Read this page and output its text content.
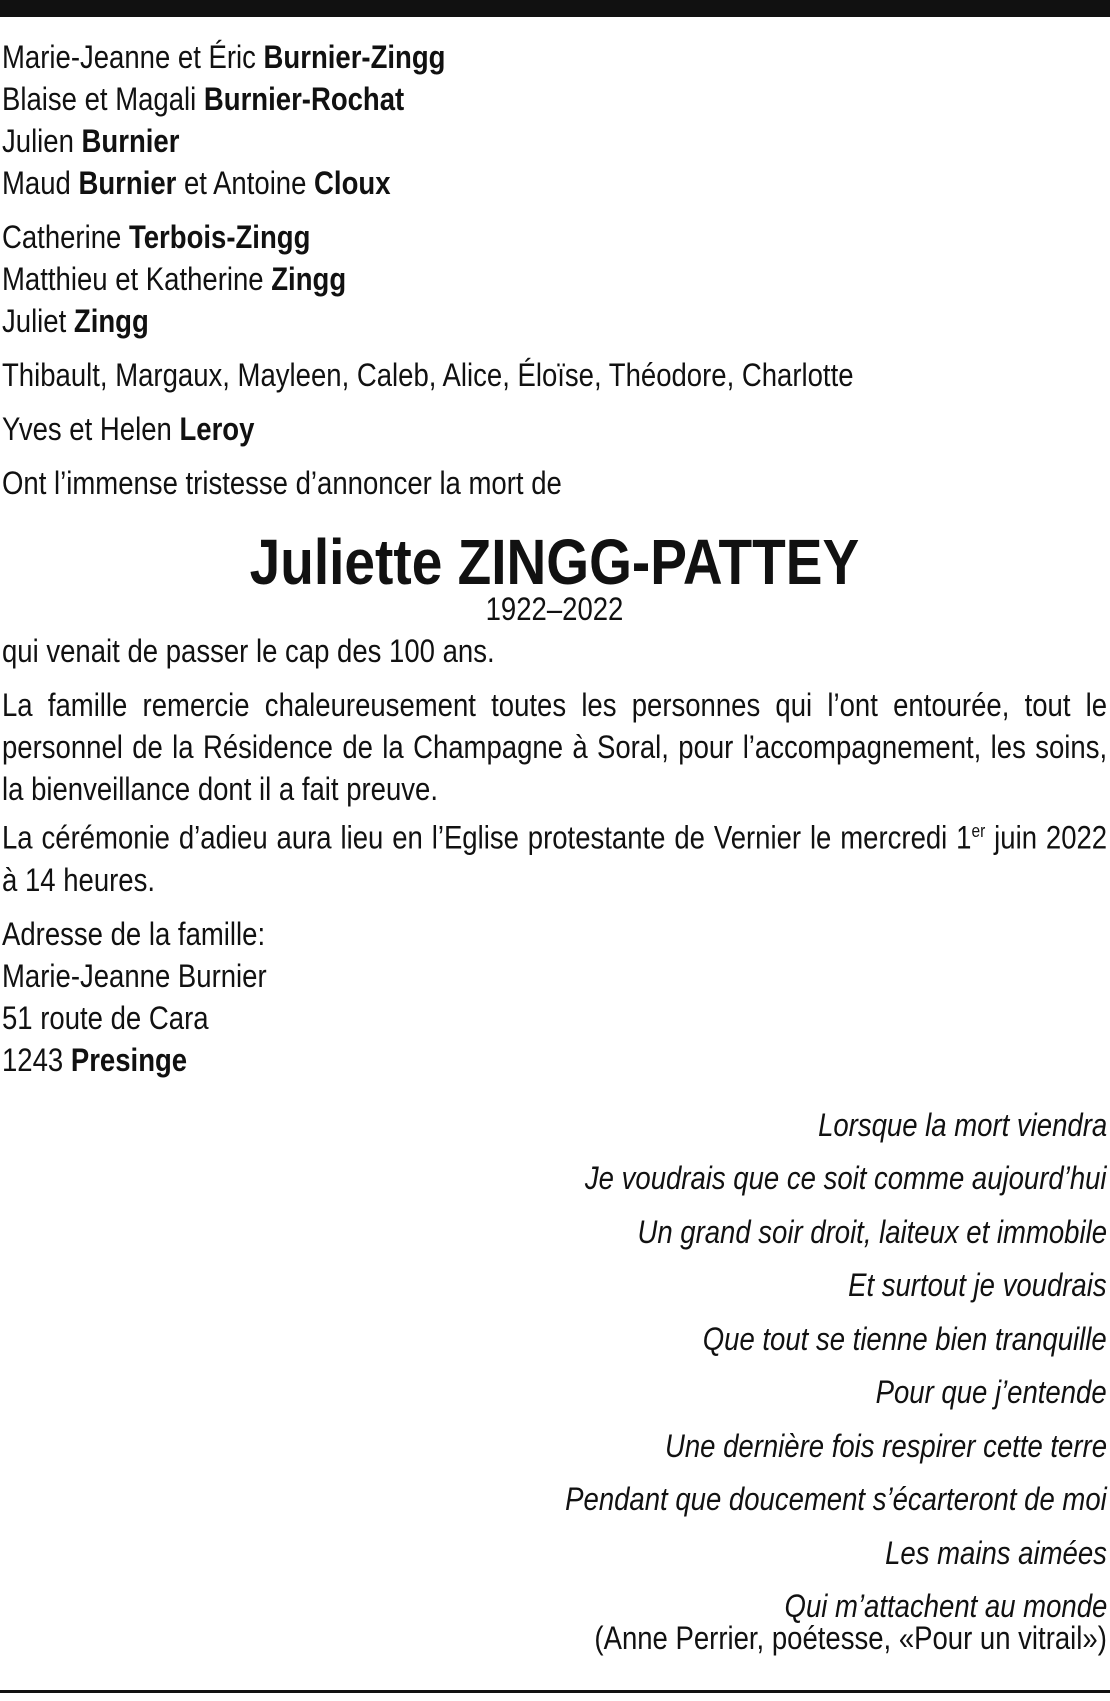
Marie-Jeanne et Éric Burnier-Zingg
Blaise et Magali Burnier-Rochat
Julien Burnier
Maud Burnier et Antoine Cloux
Catherine Terbois-Zingg
Matthieu et Katherine Zingg
Juliet Zingg
Thibault, Margaux, Mayleen, Caleb, Alice, Éloïse, Théodore, Charlotte
Yves et Helen Leroy
Ont l’immense tristesse d’annoncer la mort de
Juliette ZINGG-PATTEY
1922–2022
qui venait de passer le cap des 100 ans.
La famille remercie chaleureusement toutes les personnes qui l’ont entourée, tout le personnel de la Résidence de la Champagne à Soral, pour l’accompagnement, les soins, la bienveillance dont il a fait preuve.
La cérémonie d’adieu aura lieu en l’Eglise protestante de Vernier le mercredi 1er juin 2022 à 14 heures.
Adresse de la famille:
Marie-Jeanne Burnier
51 route de Cara
1243 Presinge
Lorsque la mort viendra
Je voudrais que ce soit comme aujourd’hui
Un grand soir droit, laiteux et immobile
Et surtout je voudrais
Que tout se tienne bien tranquille
Pour que j’entende
Une dernière fois respirer cette terre
Pendant que doucement s’écarteront de moi
Les mains aimées
Qui m’attachent au monde
(Anne Perrier, poétesse, «Pour un vitrail»)
